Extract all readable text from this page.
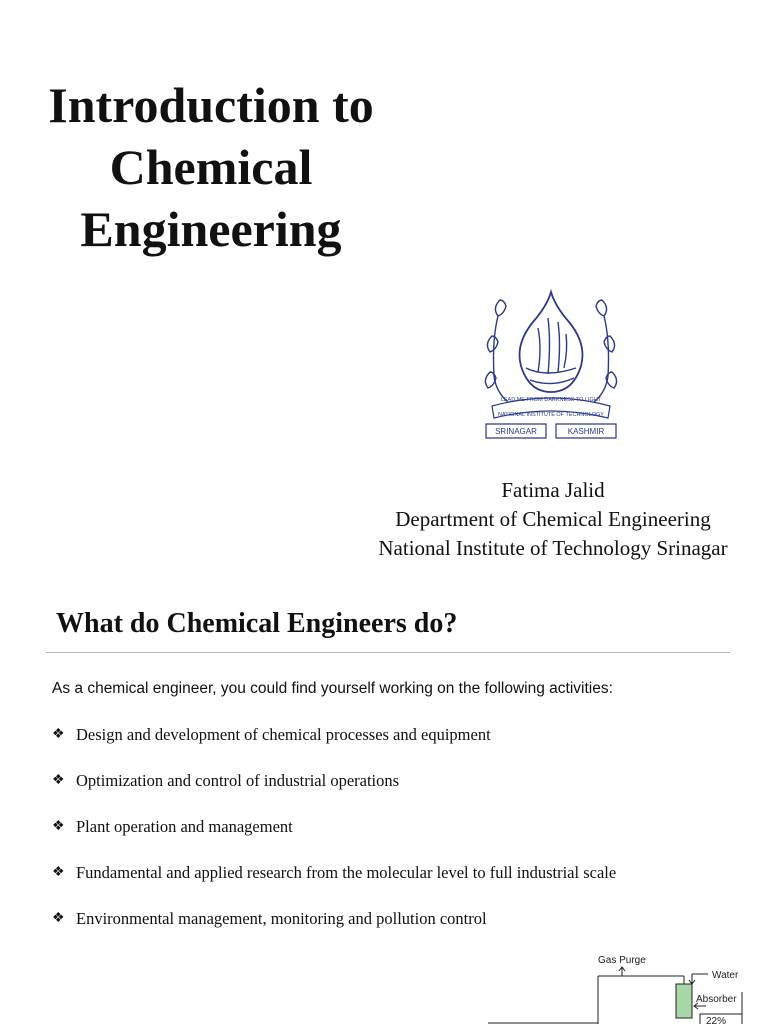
Introduction to
Chemical
Engineering
LEAD ME FROM DARKNESS TO LIGHT
NATIONAL INSTITUTE OF TECHNOLOGY
SRINAGAR	KASHMIR
Fatima Jalid
Department of Chemical Engineering
National Institute of Technology Srinagar
What do Chemical Engineers do?
As a chemical engineer, you could find yourself working on the following activities:
❖ Design and development of chemical processes and equipment
❖ Optimization and control of industrial operations
❖ Plant operation and management
❖ Fundamental and applied research from the molecular level to full industrial scale
❖ Environmental management, monitoring and pollution control
Gas Purge
Water
Absorber
22%
